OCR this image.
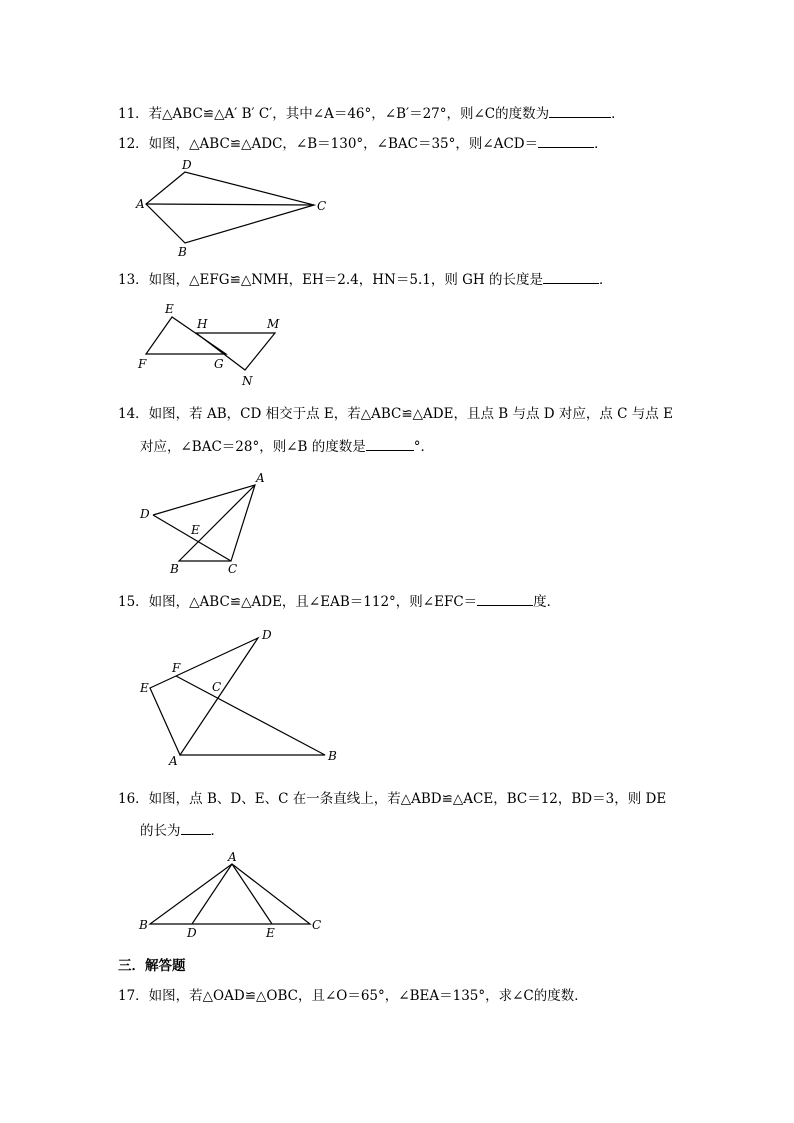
11．若△ABC≌△A′ B′ C′，其中∠A＝46°，∠B′＝27°，则∠C的度数为	．
12．如图，△ABC≌△ADC，∠B＝130°，∠BAC＝35°，则∠ACD＝	．
D
A	C
B
13．如图，△EFG≌△NMH，EH＝2.4，HN＝5.1，则 GH 的长度是	．
E
H	M
F	G
N
14．如图，若 AB，CD 相交于点 E，若△ABC≌△ADE，且点 B 与点 D 对应，点 C 与点 E
对应，∠BAC＝28°，则∠B 的度数是	°．
A
D
E
B	C
15．如图，△ABC≌△ADE，且∠EAB＝112°，则∠EFC＝	度．
D
F
C
E
A	B
16．如图，点 B、D、E、C 在一条直线上，若△ABD≌△ACE，BC＝12，BD＝3，则 DE
的长为 ．
A
B
D	E
C
三．解答题
17．如图，若△OAD≌△OBC，且∠O＝65°，∠BEA＝135°，求∠C的度数．
